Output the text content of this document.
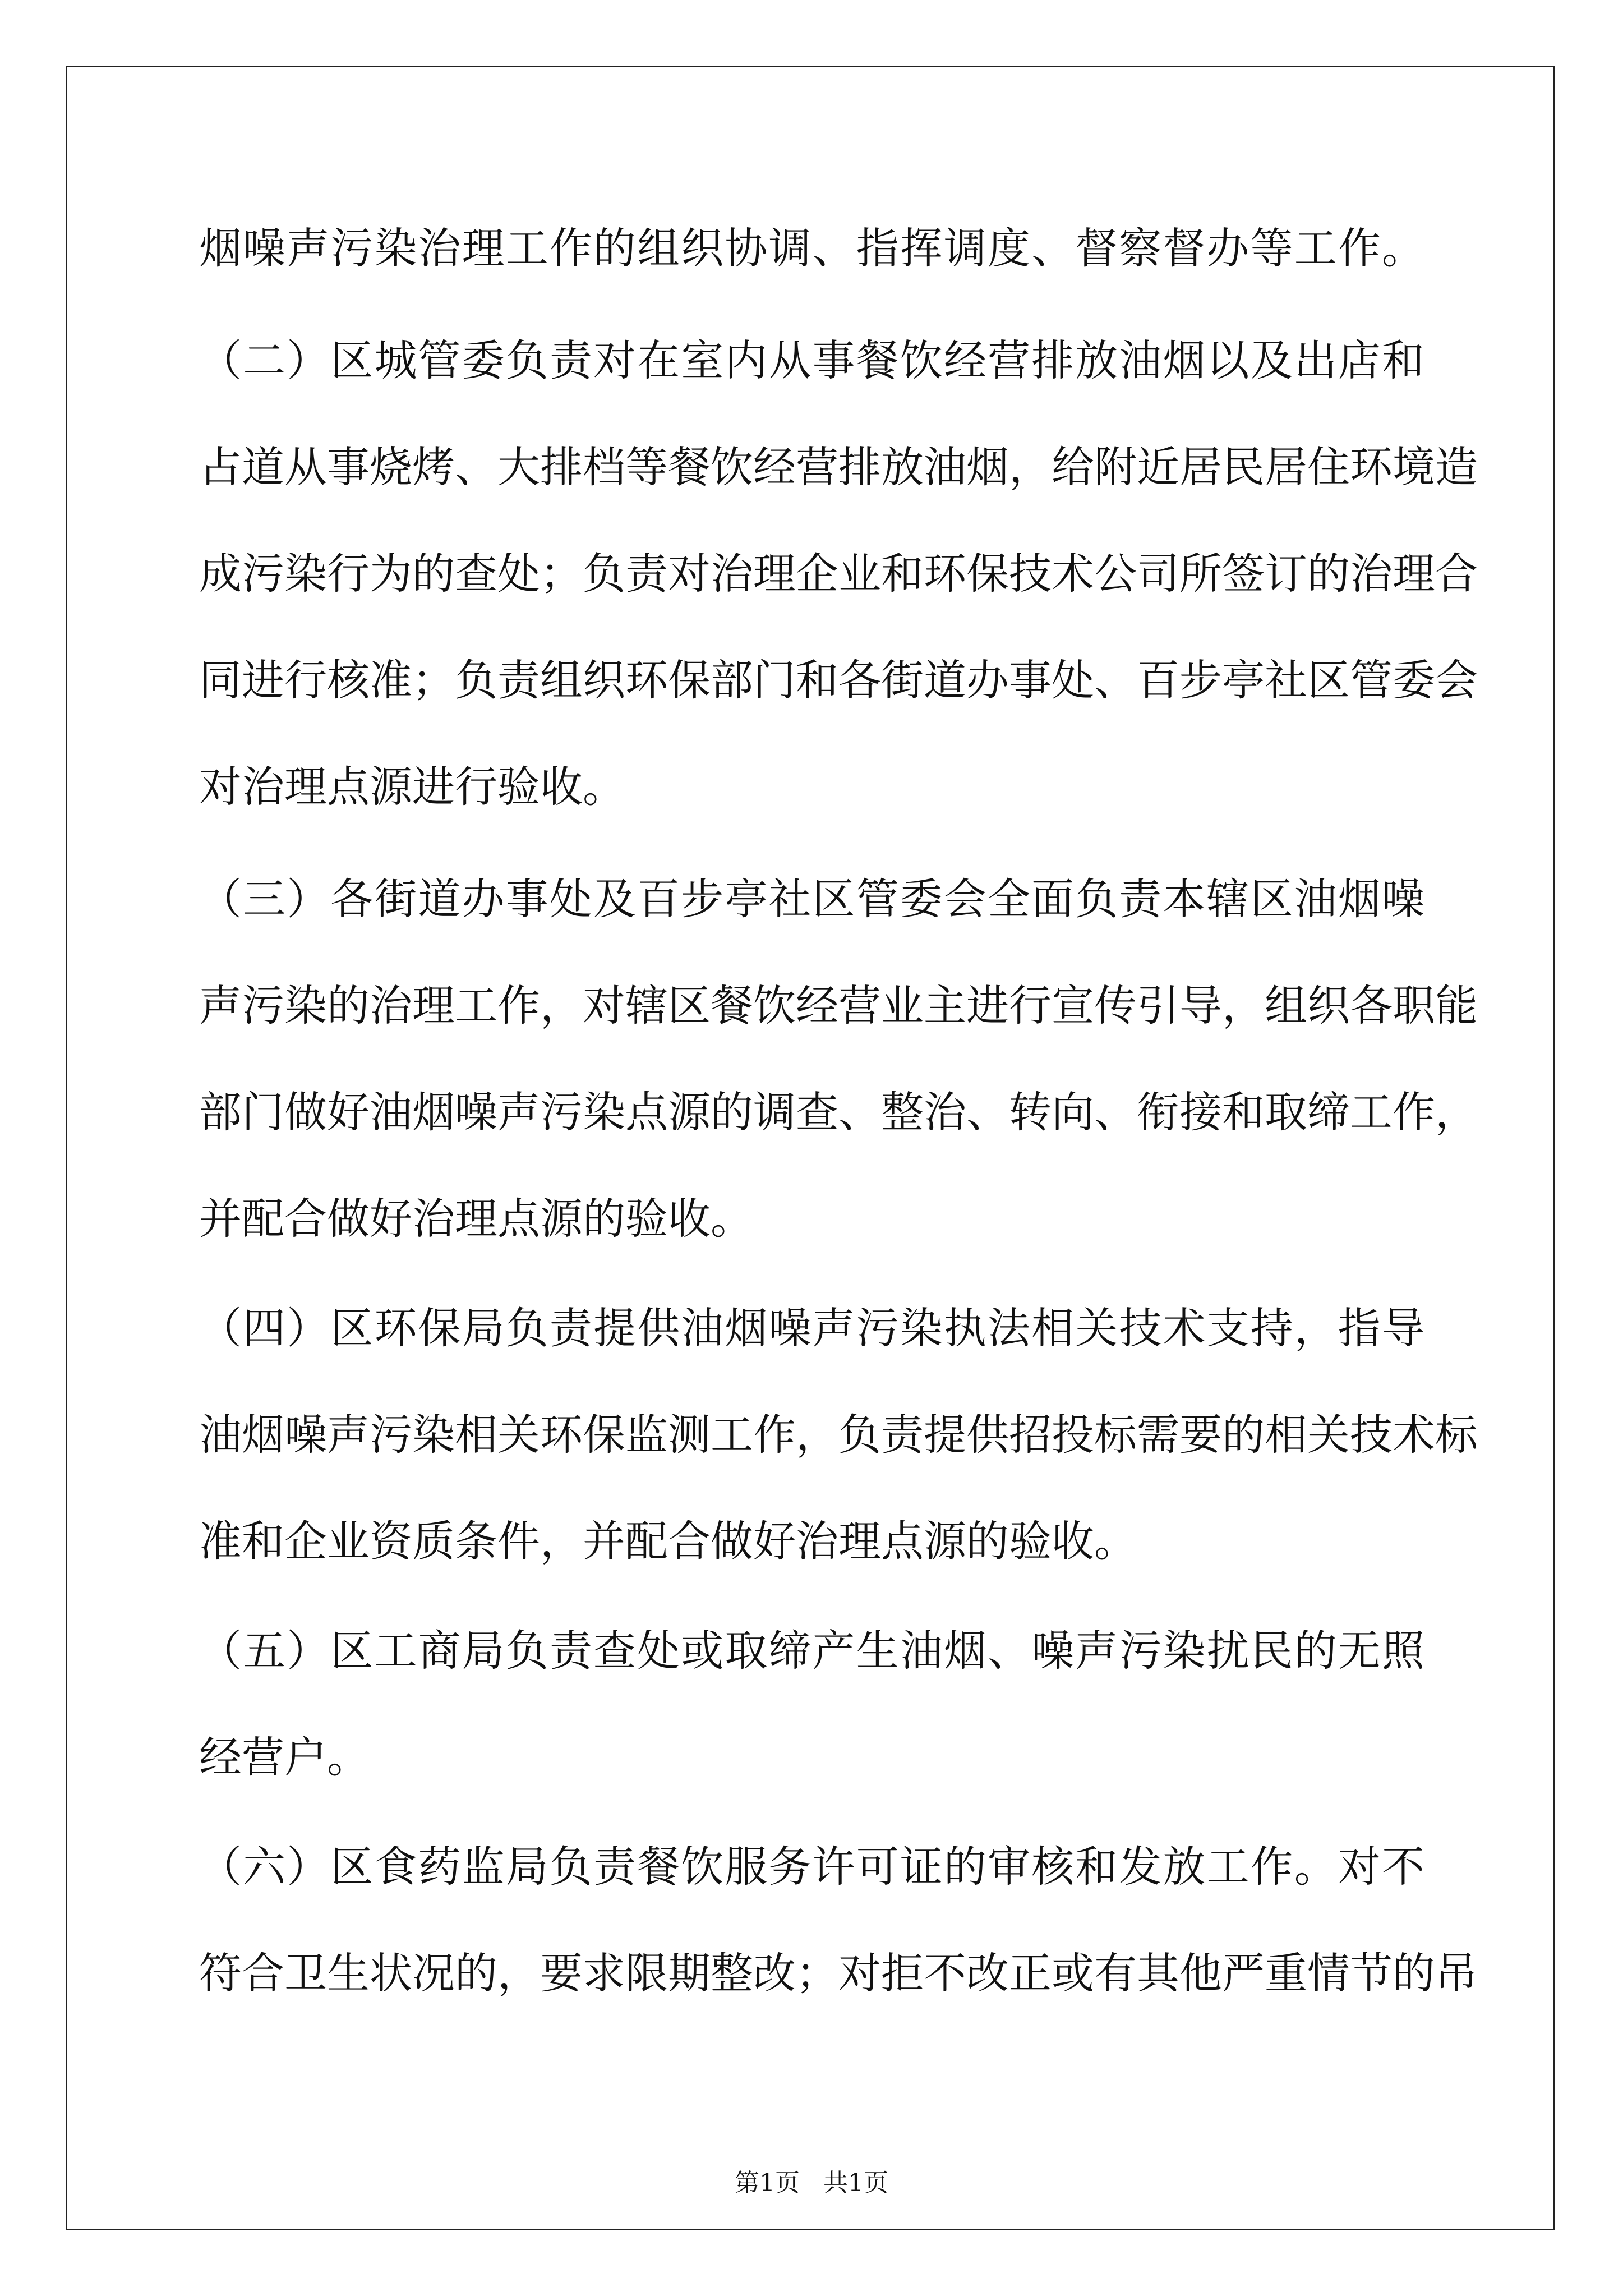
烟噪声污染治理工作的组织协调、指挥调度、督察督办等工作。
（二）区城管委负责对在室内从事餐饮经营排放油烟以及出店和
占道从事烧烤、大排档等餐饮经营排放油烟，给附近居民居住环境造
成污染行为的查处；负责对治理企业和环保技术公司所签订的治理合
同进行核准；负责组织环保部门和各街道办事处、百步亭社区管委会
对治理点源进行验收。
（三）各街道办事处及百步亭社区管委会全面负责本辖区油烟噪
声污染的治理工作，对辖区餐饮经营业主进行宣传引导，组织各职能
部门做好油烟噪声污染点源的调查、整治、转向、衔接和取缔工作，
并配合做好治理点源的验收。
（四）区环保局负责提供油烟噪声污染执法相关技术支持，指导
油烟噪声污染相关环保监测工作，负责提供招投标需要的相关技术标
准和企业资质条件，并配合做好治理点源的验收。
（五）区工商局负责查处或取缔产生油烟、噪声污染扰民的无照
经营户。
（六）区食药监局负责餐饮服务许可证的审核和发放工作。对不
符合卫生状况的，要求限期整改；对拒不改正或有其他严重情节的吊
第1页   共1页
